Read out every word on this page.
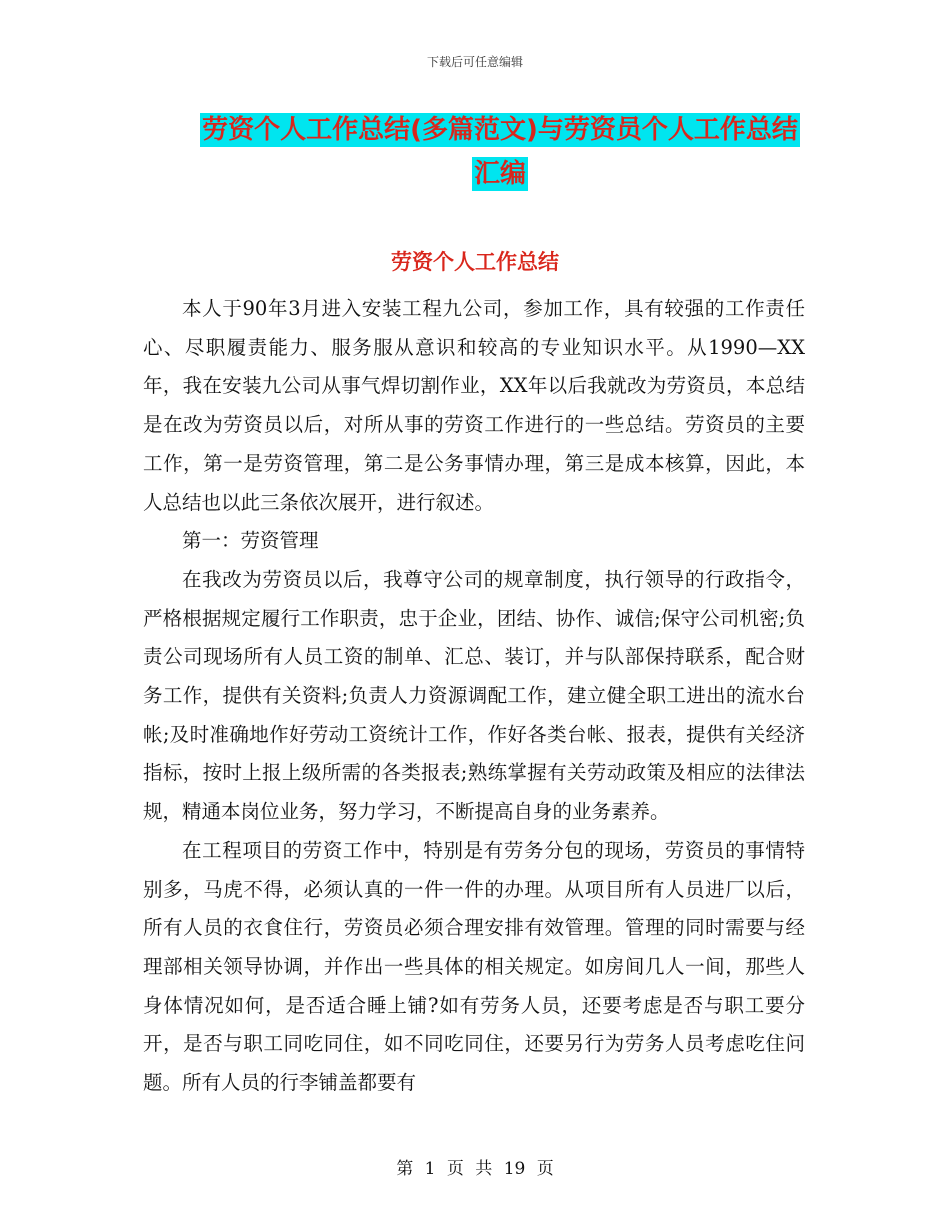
下载后可任意编辑
劳资个人工作总结(多篇范文)与劳资员个人工作总结
汇编
劳资个人工作总结

本人于90年3月进入安装工程九公司，参加工作，具有较强的工作责任心、尽职履责能力、服务服从意识和较高的专业知识水平。从1990—XX年，我在安装九公司从事气焊切割作业，XX年以后我就改为劳资员，本总结是在改为劳资员以后，对所从事的劳资工作进行的一些总结。劳资员的主要工作，第一是劳资管理，第二是公务事情办理，第三是成本核算，因此，本人总结也以此三条依次展开，进行叙述。

第一：劳资管理

在我改为劳资员以后，我尊守公司的规章制度，执行领导的行政指令，严格根据规定履行工作职责，忠于企业，团结、协作、诚信;保守公司机密;负责公司现场所有人员工资的制单、汇总、装订，并与队部保持联系，配合财务工作，提供有关资料;负责人力资源调配工作，建立健全职工进出的流水台帐;及时准确地作好劳动工资统计工作，作好各类台帐、报表，提供有关经济指标，按时上报上级所需的各类报表;熟练掌握有关劳动政策及相应的法律法规，精通本岗位业务，努力学习，不断提高自身的业务素养。

在工程项目的劳资工作中，特别是有劳务分包的现场，劳资员的事情特别多，马虎不得，必须认真的一件一件的办理。从项目所有人员进厂以后，所有人员的衣食住行，劳资员必须合理安排有效管理。管理的同时需要与经理部相关领导协调，并作出一些具体的相关规定。如房间几人一间，那些人身体情况如何，是否适合睡上铺?如有劳务人员，还要考虑是否与职工要分开，是否与职工同吃同住，如不同吃同住，还要另行为劳务人员考虑吃住问题。所有人员的行李铺盖都要有

第 1 页 共 19 页
